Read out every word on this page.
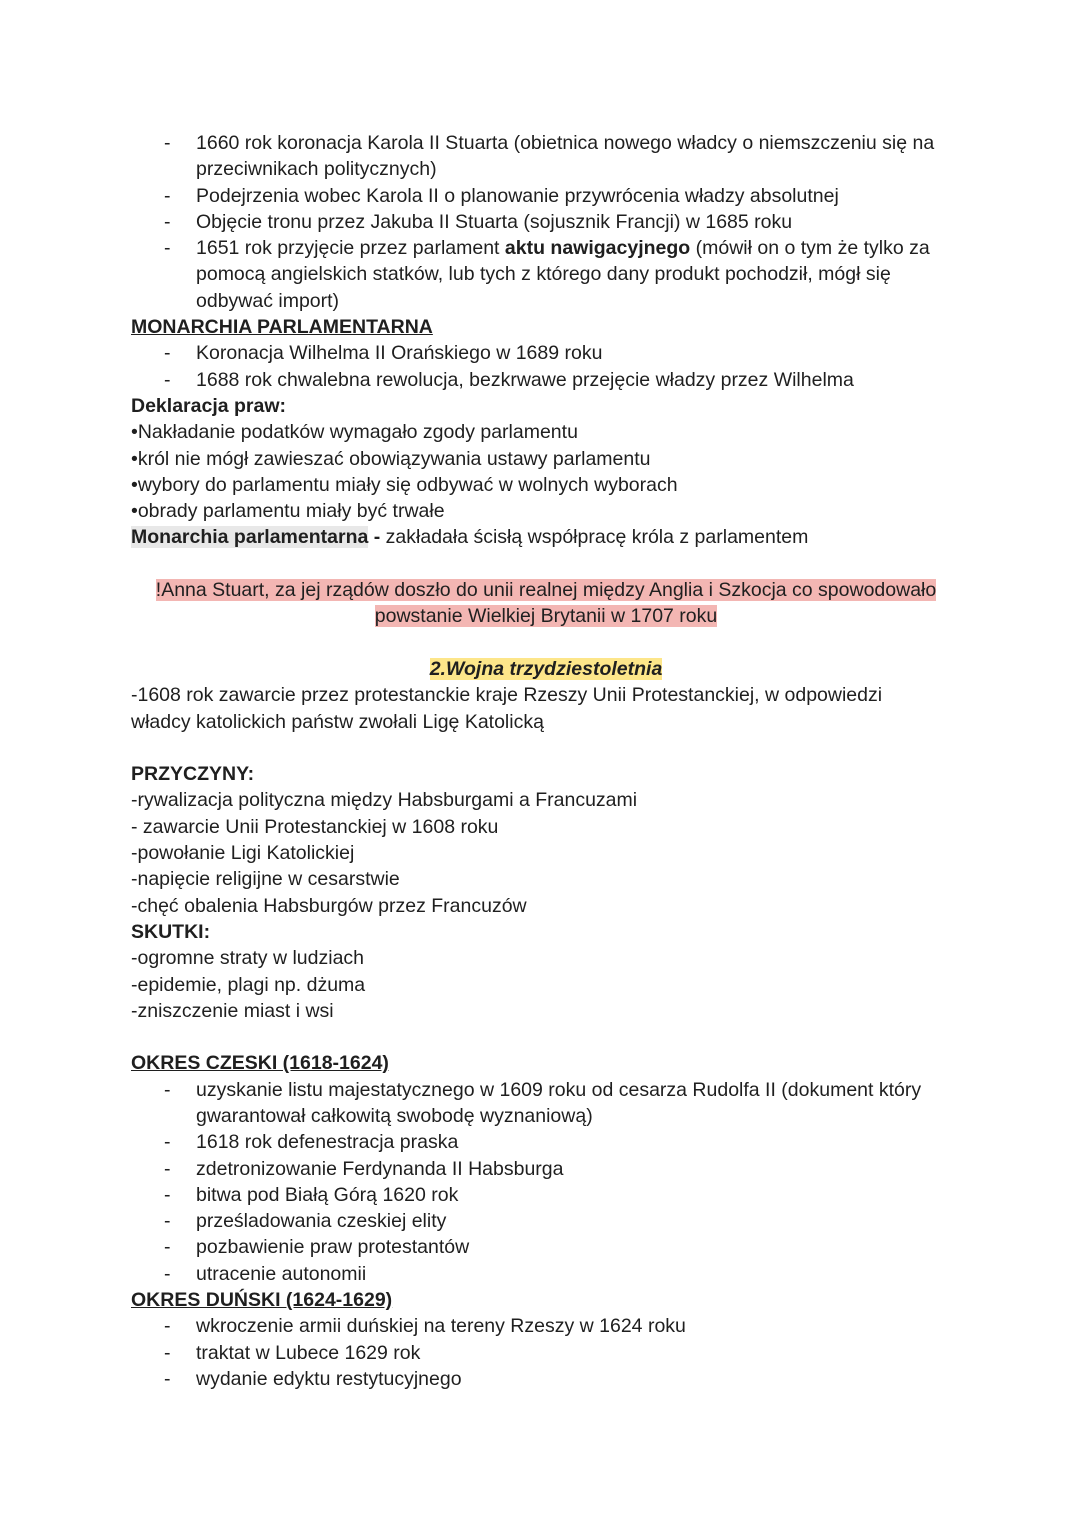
- 1660 rok koronacja Karola II Stuarta (obietnica nowego władcy o niemszczeniu się na przeciwnikach politycznych)
- Podejrzenia wobec Karola II o planowanie przywrócenia władzy absolutnej
- Objęcie tronu przez Jakuba II Stuarta (sojusznik Francji) w 1685 roku
- 1651 rok przyjęcie przez parlament aktu nawigacyjnego (mówił on o tym że tylko za pomocą angielskich statków, lub tych z którego dany produkt pochodził, mógł się odbywać import)
MONARCHIA PARLAMENTARNA
- Koronacja Wilhelma II Orańskiego w 1689 roku
- 1688 rok chwalebna rewolucja, bezkrwawe przejęcie władzy przez Wilhelma
Deklaracja praw:
•Nakładanie podatków wymagało zgody parlamentu
•król nie mógł zawieszać obowiązywania ustawy parlamentu
•wybory do parlamentu miały się odbywać w wolnych wyborach
•obrady parlamentu miały być trwałe
Monarchia parlamentarna - zakładała ścisłą współpracę króla z parlamentem
!Anna Stuart, za jej rządów doszło do unii realnej między Anglia i Szkocja co spowodowało
powstanie Wielkiej Brytanii w 1707 roku
2.Wojna trzydziestoletnia
-1608 rok zawarcie przez protestanckie kraje Rzeszy Unii Protestanckiej, w odpowiedzi
władcy katolickich państw zwołali Ligę Katolicką
PRZYCZYNY:
-rywalizacja polityczna między Habsburgami a Francuzami
- zawarcie Unii Protestanckiej w 1608 roku
-powołanie Ligi Katolickiej
-napięcie religijne w cesarstwie
-chęć obalenia Habsburgów przez Francuzów
SKUTKI:
-ogromne straty w ludziach
-epidemie, plagi np. dżuma
-zniszczenie miast i wsi
OKRES CZESKI (1618-1624)
- uzyskanie listu majestatycznego w 1609 roku od cesarza Rudolfa II (dokument który gwarantował całkowitą swobodę wyznaniową)
- 1618 rok defenestracja praska
- zdetronizowanie Ferdynanda II Habsburga
- bitwa pod Białą Górą 1620 rok
- prześladowania czeskiej elity
- pozbawienie praw protestantów
- utracenie autonomii
OKRES DUŃSKI (1624-1629)
- wkroczenie armii duńskiej na tereny Rzeszy w 1624 roku
- traktat w Lubece 1629 rok
- wydanie edyktu restytucyjnego
